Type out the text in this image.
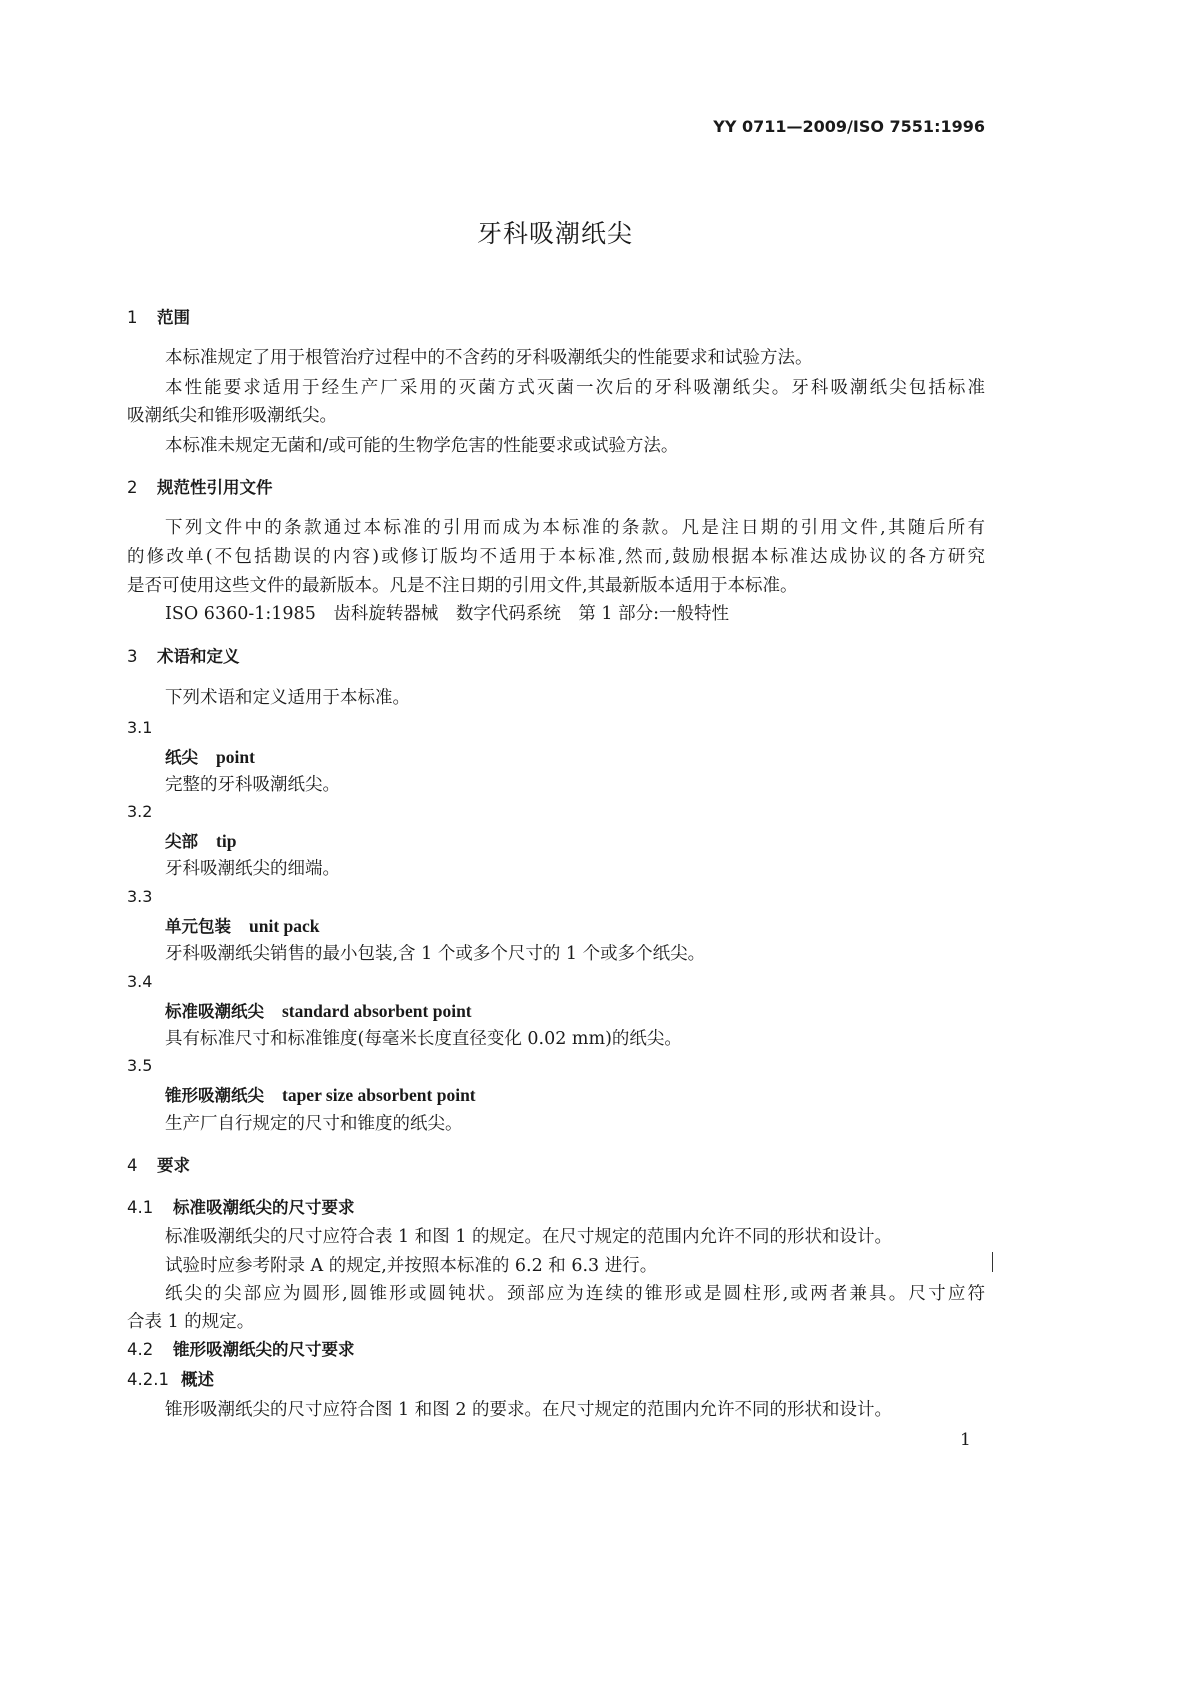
YY 0711—2009/ISO 7551:1996
牙科吸潮纸尖
1 范围
本标准规定了用于根管治疗过程中的不含药的牙科吸潮纸尖的性能要求和试验方法。
本性能要求适用于经生产厂采用的灭菌方式灭菌一次后的牙科吸潮纸尖。牙科吸潮纸尖包括标准
吸潮纸尖和锥形吸潮纸尖。
本标准未规定无菌和/或可能的生物学危害的性能要求或试验方法。
2 规范性引用文件
下列文件中的条款通过本标准的引用而成为本标准的条款。凡是注日期的引用文件,其随后所有
的修改单(不包括勘误的内容)或修订版均不适用于本标准,然而,鼓励根据本标准达成协议的各方研究
是否可使用这些文件的最新版本。凡是不注日期的引用文件,其最新版本适用于本标准。
ISO 6360-1:1985　齿科旋转器械　数字代码系统　第 1 部分:一般特性
3 术语和定义
下列术语和定义适用于本标准。
3.1
纸尖 point
完整的牙科吸潮纸尖。
3.2
尖部 tip
牙科吸潮纸尖的细端。
3.3
单元包装 unit pack
牙科吸潮纸尖销售的最小包装,含 1 个或多个尺寸的 1 个或多个纸尖。
3.4
标准吸潮纸尖 standard absorbent point
具有标准尺寸和标准锥度(每毫米长度直径变化 0.02 mm)的纸尖。
3.5
锥形吸潮纸尖 taper size absorbent point
生产厂自行规定的尺寸和锥度的纸尖。
4 要求
4.1 标准吸潮纸尖的尺寸要求
标准吸潮纸尖的尺寸应符合表 1 和图 1 的规定。在尺寸规定的范围内允许不同的形状和设计。
试验时应参考附录 A 的规定,并按照本标准的 6.2 和 6.3 进行。
纸尖的尖部应为圆形,圆锥形或圆钝状。颈部应为连续的锥形或是圆柱形,或两者兼具。尺寸应符
合表 1 的规定。
4.2 锥形吸潮纸尖的尺寸要求
4.2.1 概述
锥形吸潮纸尖的尺寸应符合图 1 和图 2 的要求。在尺寸规定的范围内允许不同的形状和设计。
1
